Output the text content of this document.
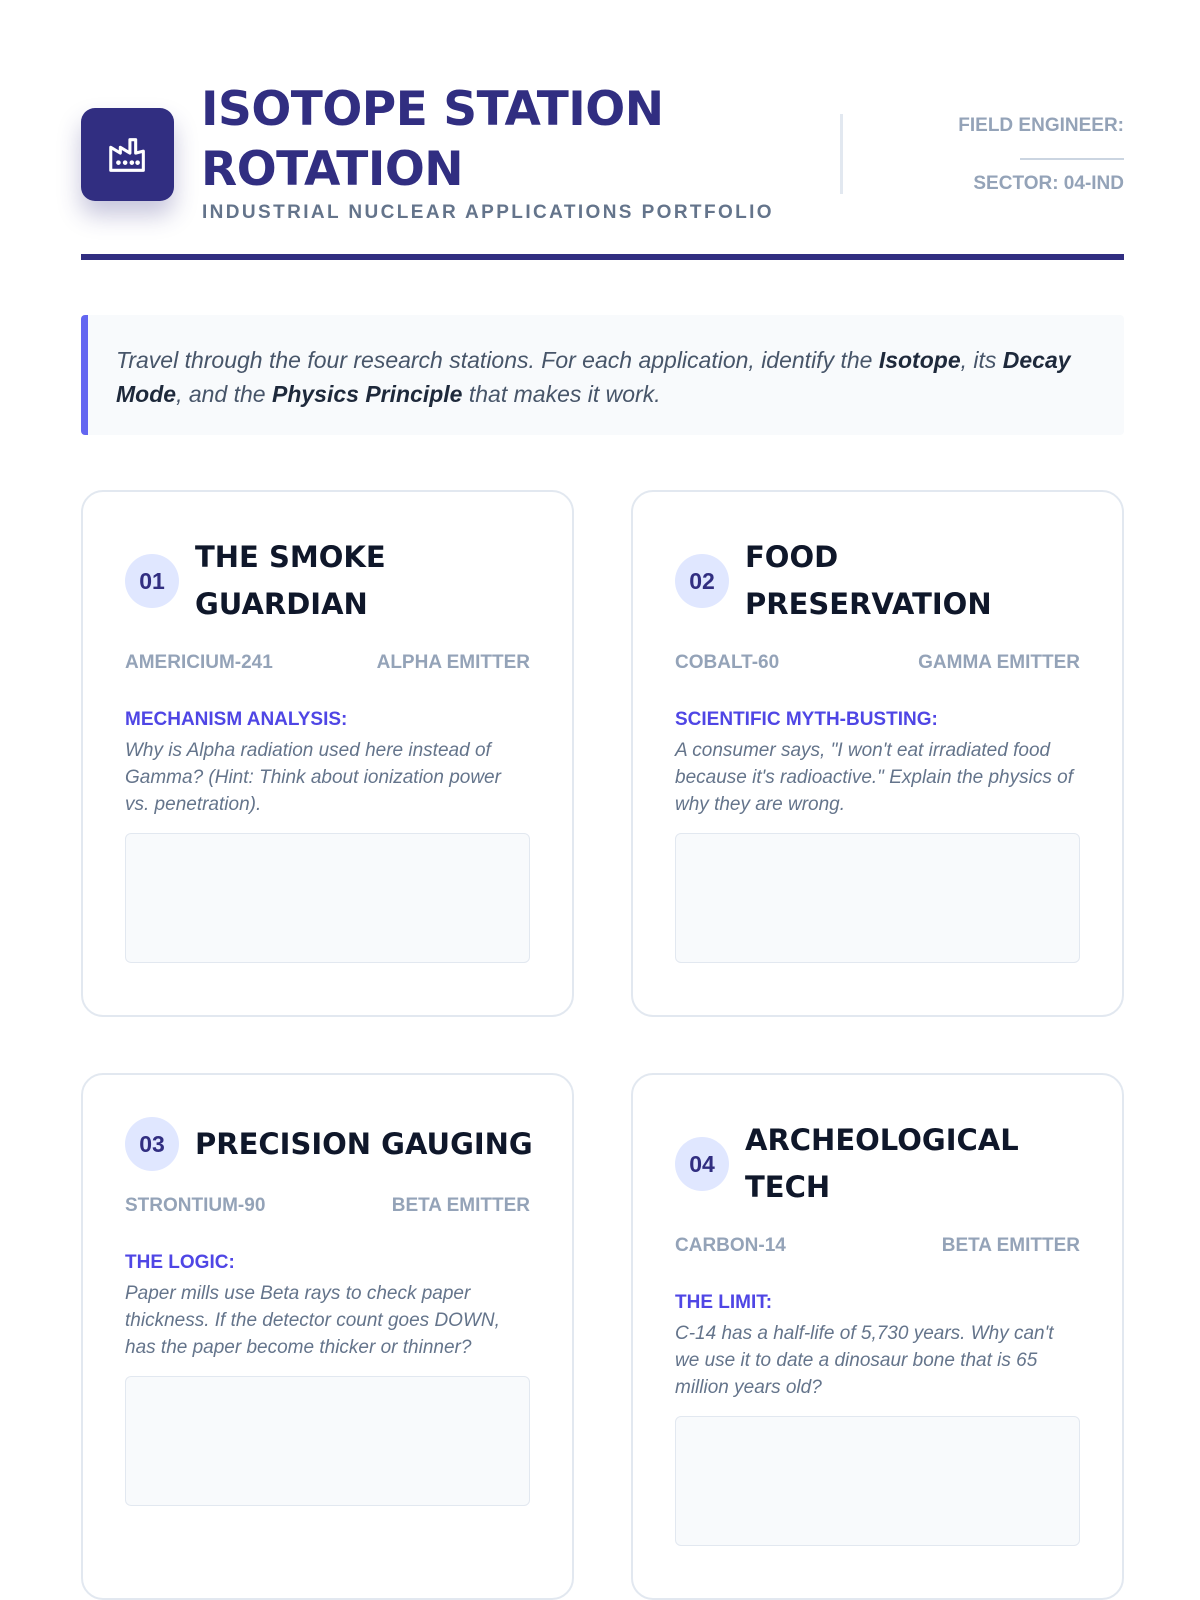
ISOTOPE STATION ROTATION
INDUSTRIAL NUCLEAR APPLICATIONS PORTFOLIO
FIELD ENGINEER:
SECTOR: 04-IND
Travel through the four research stations. For each application, identify the Isotope, its Decay Mode, and the Physics Principle that makes it work.
01
THE SMOKE GUARDIAN
AMERICIUM-241	ALPHA EMITTER
MECHANISM ANALYSIS:
Why is Alpha radiation used here instead of Gamma? (Hint: Think about ionization power vs. penetration).
02
FOOD PRESERVATION
COBALT-60	GAMMA EMITTER
SCIENTIFIC MYTH-BUSTING:
A consumer says, "I won't eat irradiated food because it's radioactive." Explain the physics of why they are wrong.
03	PRECISION GAUGING
STRONTIUM-90	BETA EMITTER
THE LOGIC:
Paper mills use Beta rays to check paper thickness. If the detector count goes DOWN, has the paper become thicker or thinner?
04
ARCHEOLOGICAL TECH
CARBON-14	BETA EMITTER
THE LIMIT:
C-14 has a half-life of 5,730 years. Why can't we use it to date a dinosaur bone that is 65 million years old?
